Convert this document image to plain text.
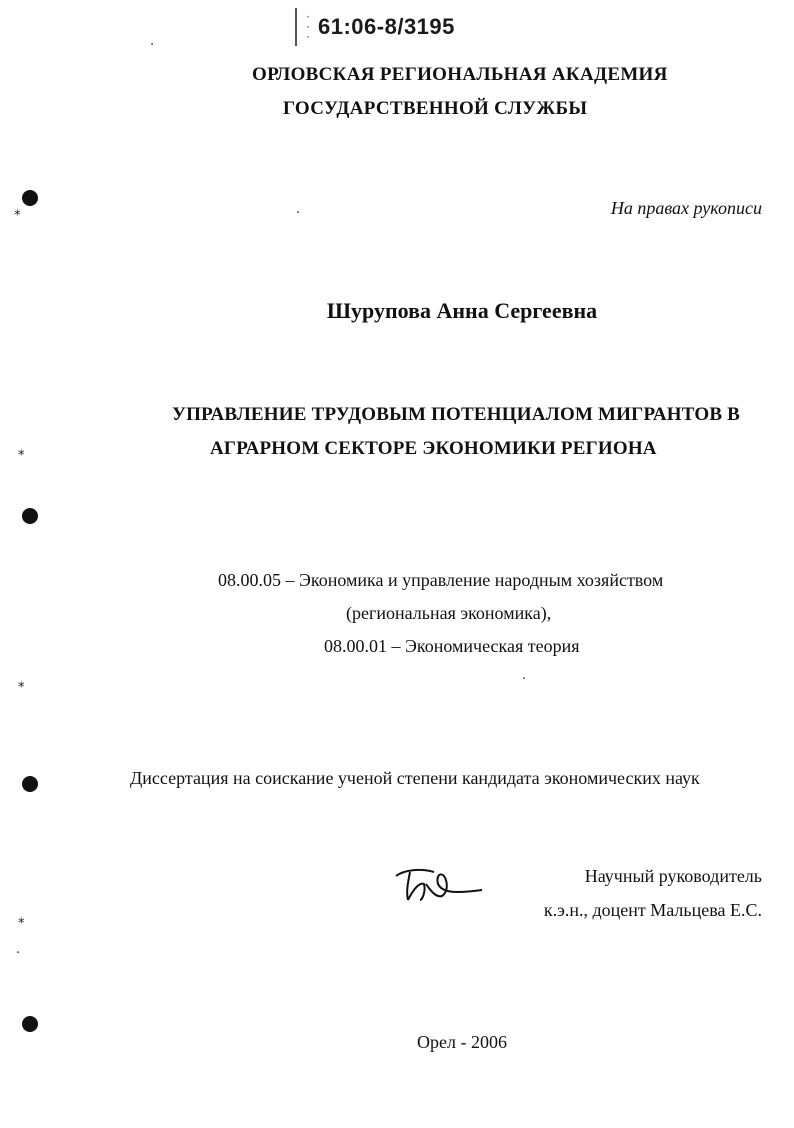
·
·
· 61:06-8/3195
ОРЛОВСКАЯ РЕГИОНАЛЬНАЯ АКАДЕМИЯ
ГОСУДАРСТВЕННОЙ СЛУЖБЫ
На правах рукописи
Шурупова Анна Сергеевна
УПРАВЛЕНИЕ ТРУДОВЫМ ПОТЕНЦИАЛОМ МИГРАНТОВ В
АГРАРНОМ СЕКТОРЕ ЭКОНОМИКИ РЕГИОНА
08.00.05 – Экономика и управление народным хозяйством
(региональная экономика),
08.00.01 – Экономическая теория
Диссертация на соискание ученой степени кандидата экономических наук
Научный руководитель
к.э.н., доцент Мальцева Е.С.
Орел - 2006
⁎
⁎
⁎
⁎
·
·
·
·
